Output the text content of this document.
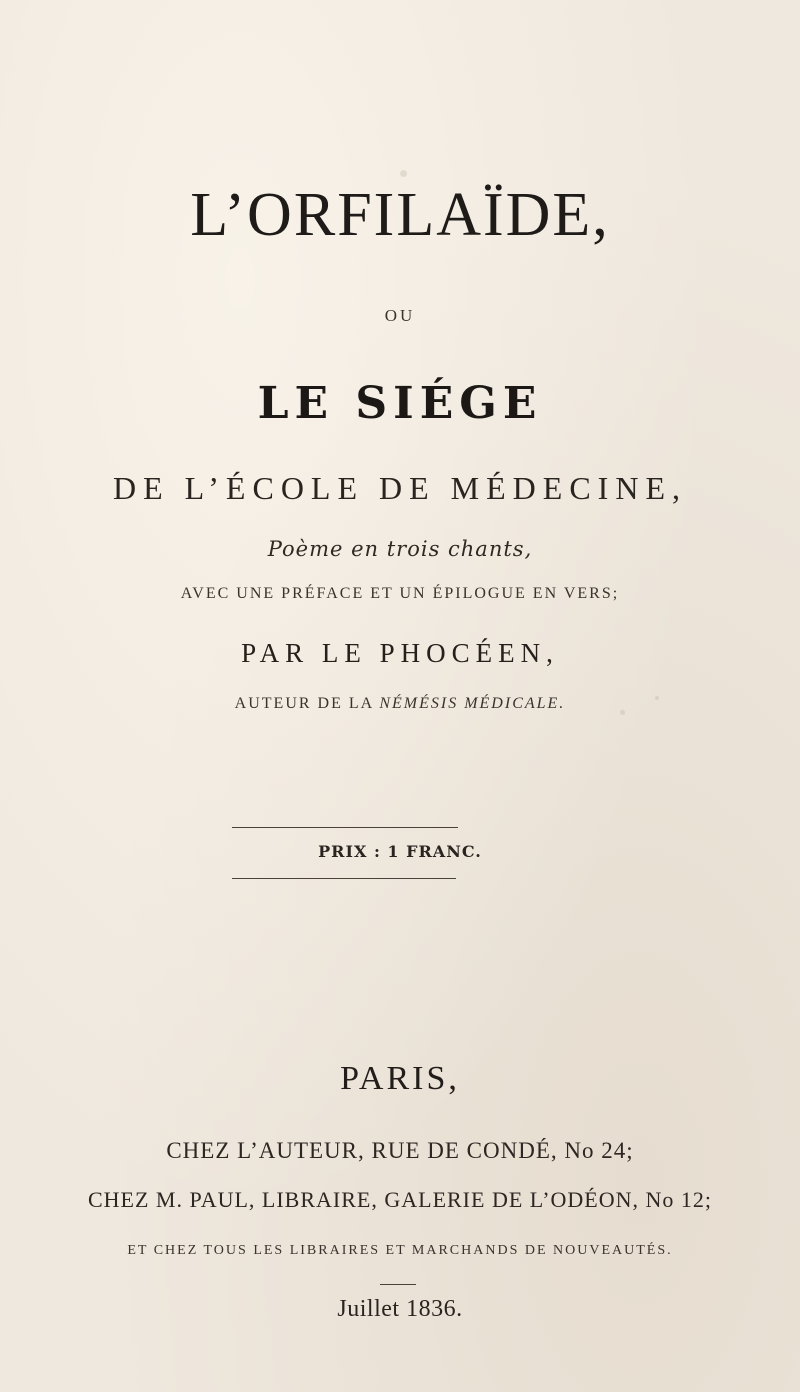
L’ORFILAÏDE,
OU
LE SIÉGE
DE L’ÉCOLE DE MÉDECINE,
Poème en trois chants,
AVEC UNE PRÉFACE ET UN ÉPILOGUE EN VERS;
PAR LE PHOCÉEN,
AUTEUR DE LA NÉMÉSIS MÉDICALE.
PRIX : 1 FRANC.
PARIS,
CHEZ L’AUTEUR, RUE DE CONDÉ, No 24;
CHEZ M. PAUL, LIBRAIRE, GALERIE DE L’ODÉON, No 12;
ET CHEZ TOUS LES LIBRAIRES ET MARCHANDS DE NOUVEAUTÉS.
Juillet 1836.
